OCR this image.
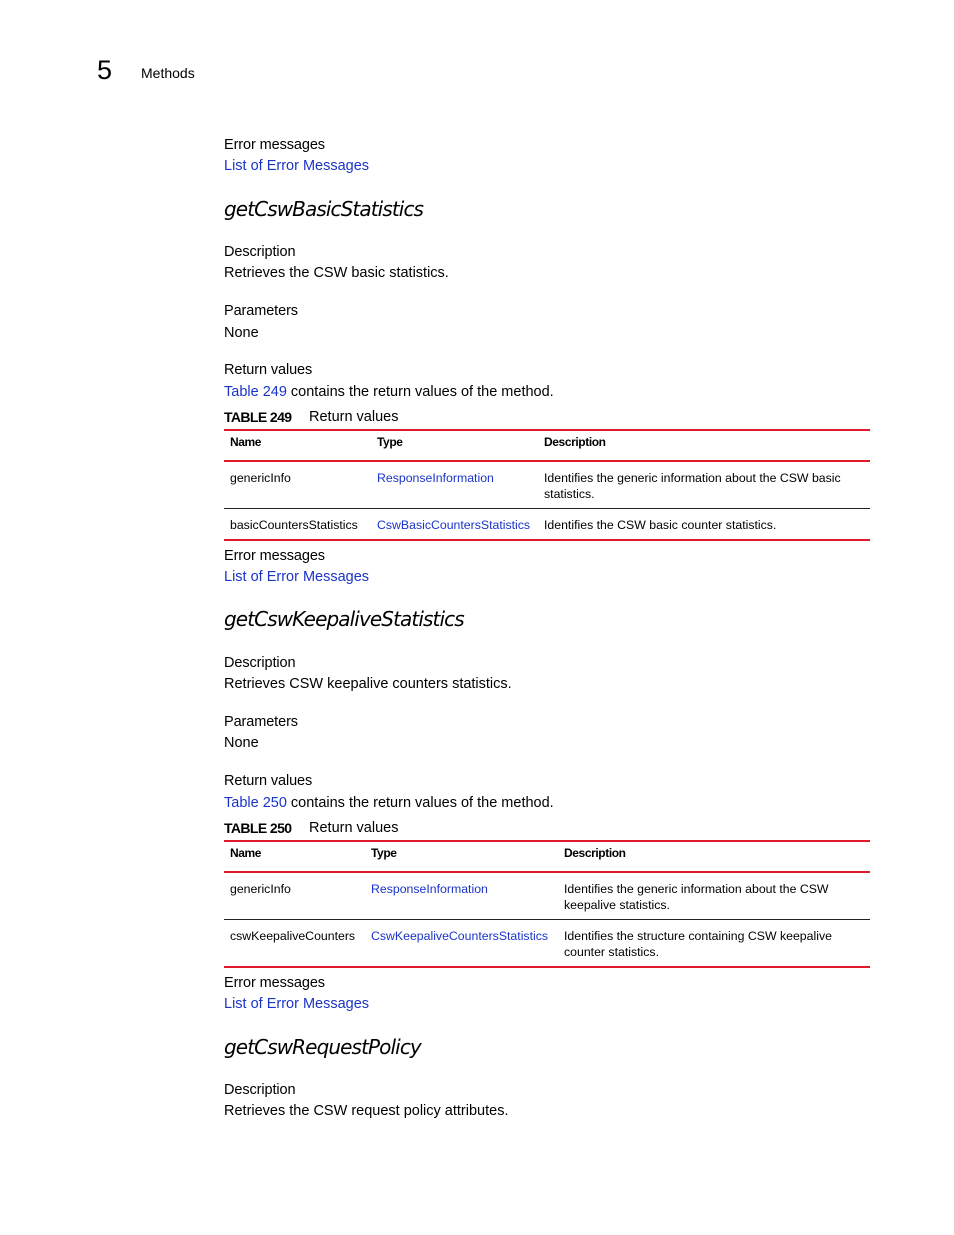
5 Methods
Error messages
List of Error Messages
getCswBasicStatistics
Description
Retrieves the CSW basic statistics.
Parameters
None
Return values
Table 249 contains the return values of the method.
TABLE 249 Return values
Name	Type	Description
genericInfo	ResponseInformation	Identifies the generic information about the CSW basic statistics.
basicCountersStatistics	CswBasicCountersStatistics	Identifies the CSW basic counter statistics.
Error messages
List of Error Messages
getCswKeepaliveStatistics
Description
Retrieves CSW keepalive counters statistics.
Parameters
None
Return values
Table 250 contains the return values of the method.
TABLE 250 Return values
Name	Type	Description
genericInfo	ResponseInformation	Identifies the generic information about the CSW keepalive statistics.
cswKeepaliveCounters	CswKeepaliveCountersStatistics	Identifies the structure containing CSW keepalive counter statistics.
Error messages
List of Error Messages
getCswRequestPolicy
Description
Retrieves the CSW request policy attributes.
